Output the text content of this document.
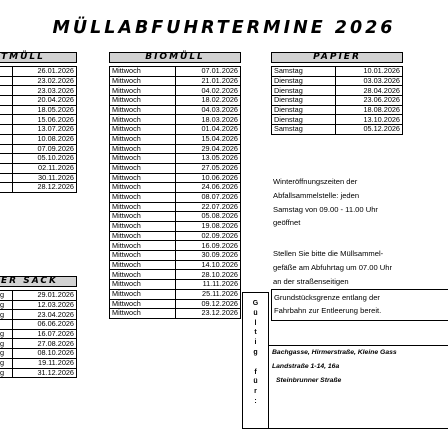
MÜLLABFUHRTERMINE 2026
TMÜLL
	26.01.2026
	23.02.2026
	23.03.2026
	20.04.2026
	18.05.2026
	15.06.2026
	13.07.2026
	10.08.2026
	07.09.2026
	05.10.2026
	02.11.2026
	30.11.2026
	28.12.2026
ER SACK
g	29.01.2026
g	12.03.2026
g	23.04.2026
	06.06.2026
g	16.07.2026
g	27.08.2026
g	08.10.2026
g	19.11.2026
g	31.12.2026
BIOMÜLL
Mittwoch	07.01.2026
Mittwoch	21.01.2026
Mittwoch	04.02.2026
Mittwoch	18.02.2026
Mittwoch	04.03.2026
Mittwoch	18.03.2026
Mittwoch	01.04.2026
Mittwoch	15.04.2026
Mittwoch	29.04.2026
Mittwoch	13.05.2026
Mittwoch	27.05.2026
Mittwoch	10.06.2026
Mittwoch	24.06.2026
Mittwoch	08.07.2026
Mittwoch	22.07.2026
Mittwoch	05.08.2026
Mittwoch	19.08.2026
Mittwoch	02.09.2026
Mittwoch	16.09.2026
Mittwoch	30.09.2026
Mittwoch	14.10.2026
Mittwoch	28.10.2026
Mittwoch	11.11.2026
Mittwoch	25.11.2026
Mittwoch	09.12.2026
Mittwoch	23.12.2026
PAPIER
Samstag	10.01.2026
Dienstag	03.03.2026
Dienstag	28.04.2026
Dienstag	23.06.2026
Dienstag	18.08.2026
Dienstag	13.10.2026
Samstag	05.12.2026
Winteröffnungszeiten der
Abfallsammelstelle: jeden
Samstag von 09.00 - 11.00 Uhr
geöffnet
Stellen Sie bitte die Müllsammel-
gefäße am Abfuhrtag um 07.00 Uhr
an der straßenseitigen
Grundstücksgrenze entlang der
Fahrbahn zur Entleerung bereit.
G
ü
l
t
i
g
f
ü
r
:
Bachgasse, Hirmerstraße, Kleine Gass
Landstraße 1-14, 16a
Steinbrunner Straße
